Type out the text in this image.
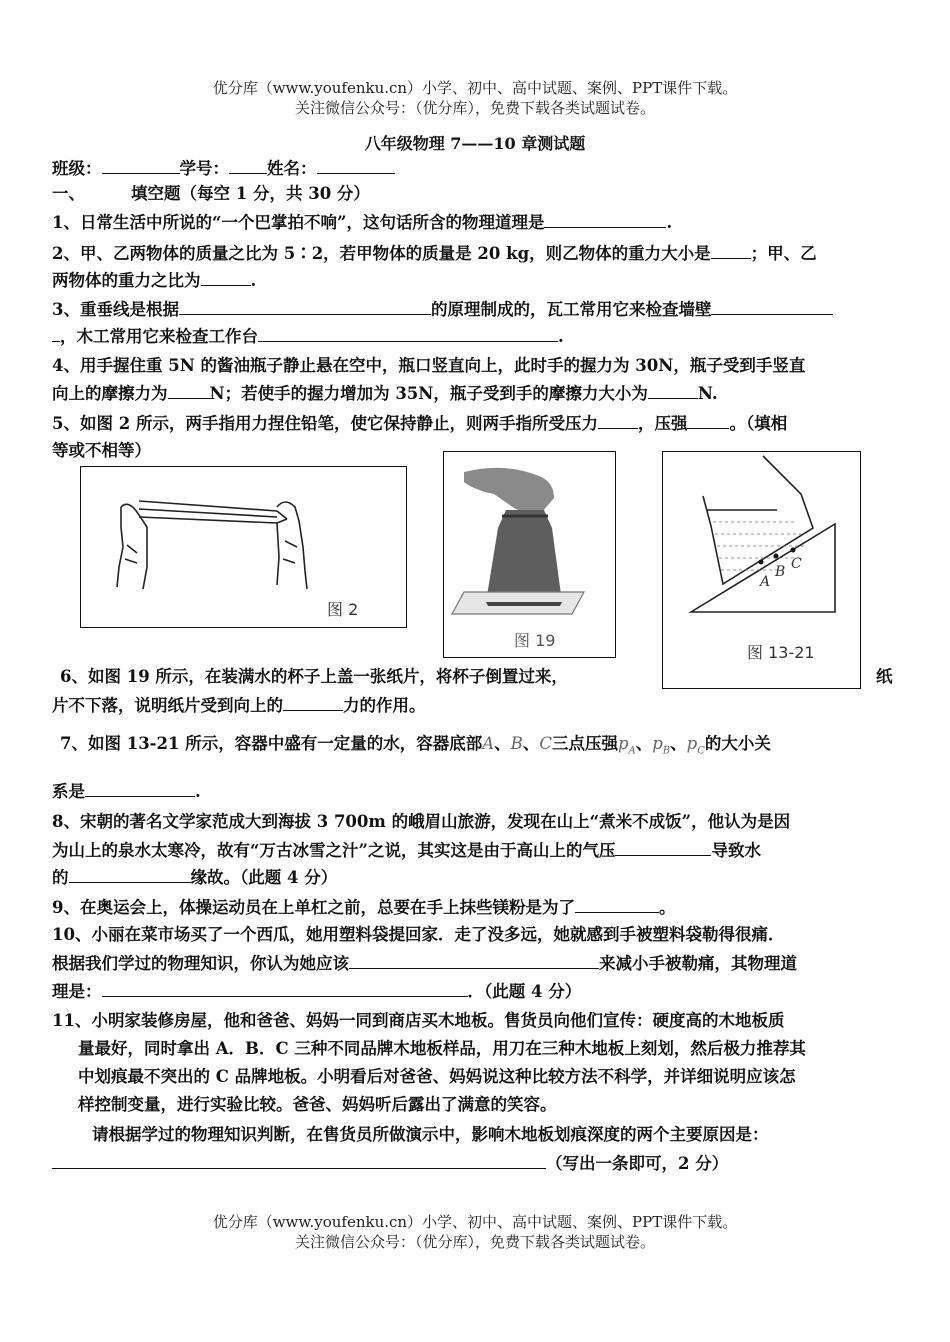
优分库（www.youfenku.cn）小学、初中、高中试题、案例、PPT课件下载。
关注微信公众号：（优分库），免费下载各类试题试卷。
八年级物理 7——10 章测试题
班级：	学号： 姓名：
一、	填空题（每空 1 分，共 30 分）
1、日常生活中所说的“一个巴掌拍不响”，这句话所含的物理道理是	.
2、甲、乙两物体的质量之比为 5∶2，若甲物体的质量是 20 kg，则乙物体的重力大小是 ；甲、乙
两物体的重力之比为	.
3、重垂线是根据	的原理制成的，瓦工常用它来检查墙壁
，木工常用它来检查工作台	.
4、用手握住重 5N 的酱油瓶子静止悬在空中，瓶口竖直向上，此时手的握力为 30N，瓶子受到手竖直
向上的摩擦力为	N；若使手的握力增加为 35N，瓶子受到手的摩擦力大小为	N.
5、如图 2 所示，两手指用力捏住铅笔，使它保持静止，则两手指所受压力 ，压强	。（填相
等或不相等）
图 2
图 19
A
B C
图 13-21
6、如图 19 所示，在装满水的杯子上盖一张纸片，将杯子倒置过来，	纸
片不下落，说明纸片受到向上的	力的作用。
7、如图 13-21 所示，容器中盛有一定量的水，容器底部A、B、C三点压强$p_A$、$p_B$、$p_C$的大小关
系是	.
8、宋朝的著名文学家范成大到海拔 3 700m 的峨眉山旅游，发现在山上“煮米不成饭”，他认为是因
为山上的泉水太寒冷，故有“万古冰雪之汁”之说，其实这是由于高山上的气压	导致水
的	缘故。（此题 4 分）
9、在奥运会上，体操运动员在上单杠之前，总要在手上抹些镁粉是为了	。
10、小丽在菜市场买了一个西瓜，她用塑料袋提回家．走了没多远，她就感到手被塑料袋勒得很痛．
根据我们学过的物理知识，你认为她应该	来减小手被勒痛，其物理道
理是：	．（此题 4 分）
11、小明家装修房屋，他和爸爸、妈妈一同到商店买木地板。售货员向他们宣传：硬度高的木地板质
量最好，同时拿出 A．B．C 三种不同品牌木地板样品，用刀在三种木地板上刻划，然后极力推荐其
中划痕最不突出的 C 品牌地板。小明看后对爸爸、妈妈说这种比较方法不科学，并详细说明应该怎
样控制变量，进行实验比较。爸爸、妈妈听后露出了满意的笑容。
请根据学过的物理知识判断，在售货员所做演示中，影响木地板划痕深度的两个主要原因是：
（写出一条即可，2 分）
优分库（www.youfenku.cn）小学、初中、高中试题、案例、PPT课件下载。
关注微信公众号：（优分库），免费下载各类试题试卷。
